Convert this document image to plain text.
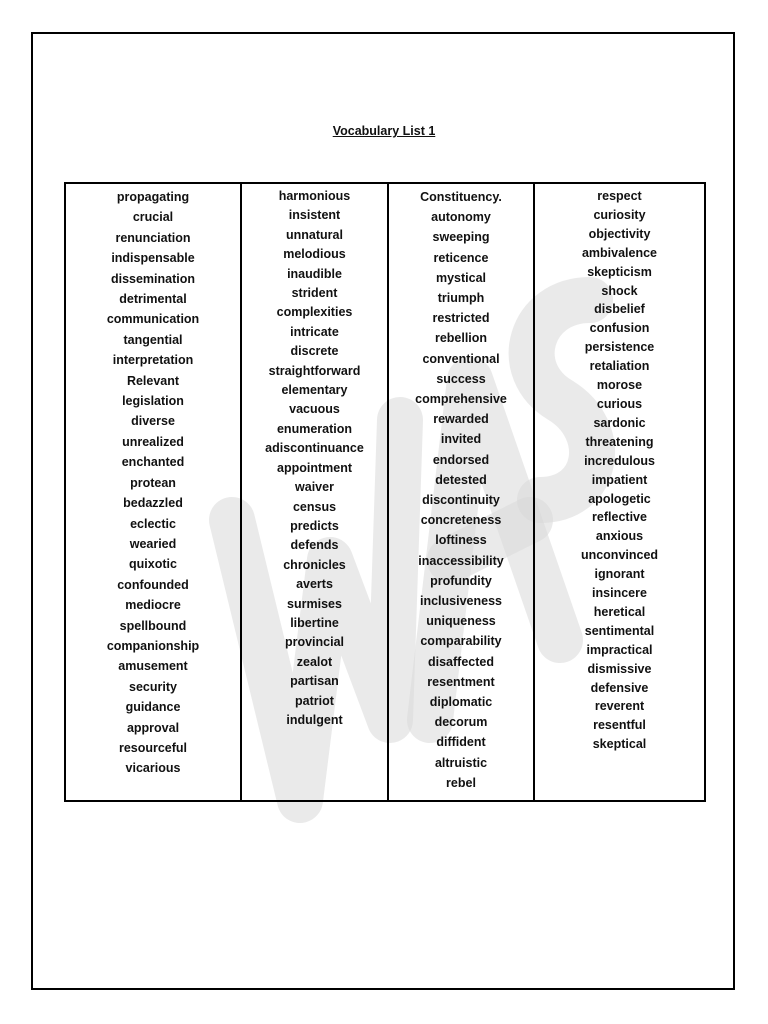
Vocabulary List 1
propagating
crucial
renunciation
indispensable
dissemination
detrimental
communication
tangential
interpretation
Relevant
legislation
diverse
unrealized
enchanted
protean
bedazzled
eclectic
wearied
quixotic
confounded
mediocre
spellbound
companionship
amusement
security
guidance
approval
resourceful
vicarious
harmonious
insistent
unnatural
melodious
inaudible
strident
complexities
intricate
discrete
straightforward
elementary
vacuous
enumeration
adiscontinuance
appointment
waiver
census
predicts
defends
chronicles
averts
surmises
libertine
provincial
zealot
partisan
patriot
indulgent
Constituency.
autonomy
sweeping
reticence
mystical
triumph
restricted
rebellion
conventional
success
comprehensive
rewarded
invited
endorsed
detested
discontinuity
concreteness
loftiness
inaccessibility
profundity
inclusiveness
uniqueness
comparability
disaffected
resentment
diplomatic
decorum
diffident
altruistic
rebel
respect
curiosity
objectivity
ambivalence
skepticism
shock
disbelief
confusion
persistence
retaliation
morose
curious
sardonic
threatening
incredulous
impatient
apologetic
reflective
anxious
unconvinced
ignorant
insincere
heretical
sentimental
impractical
dismissive
defensive
reverent
resentful
skeptical
